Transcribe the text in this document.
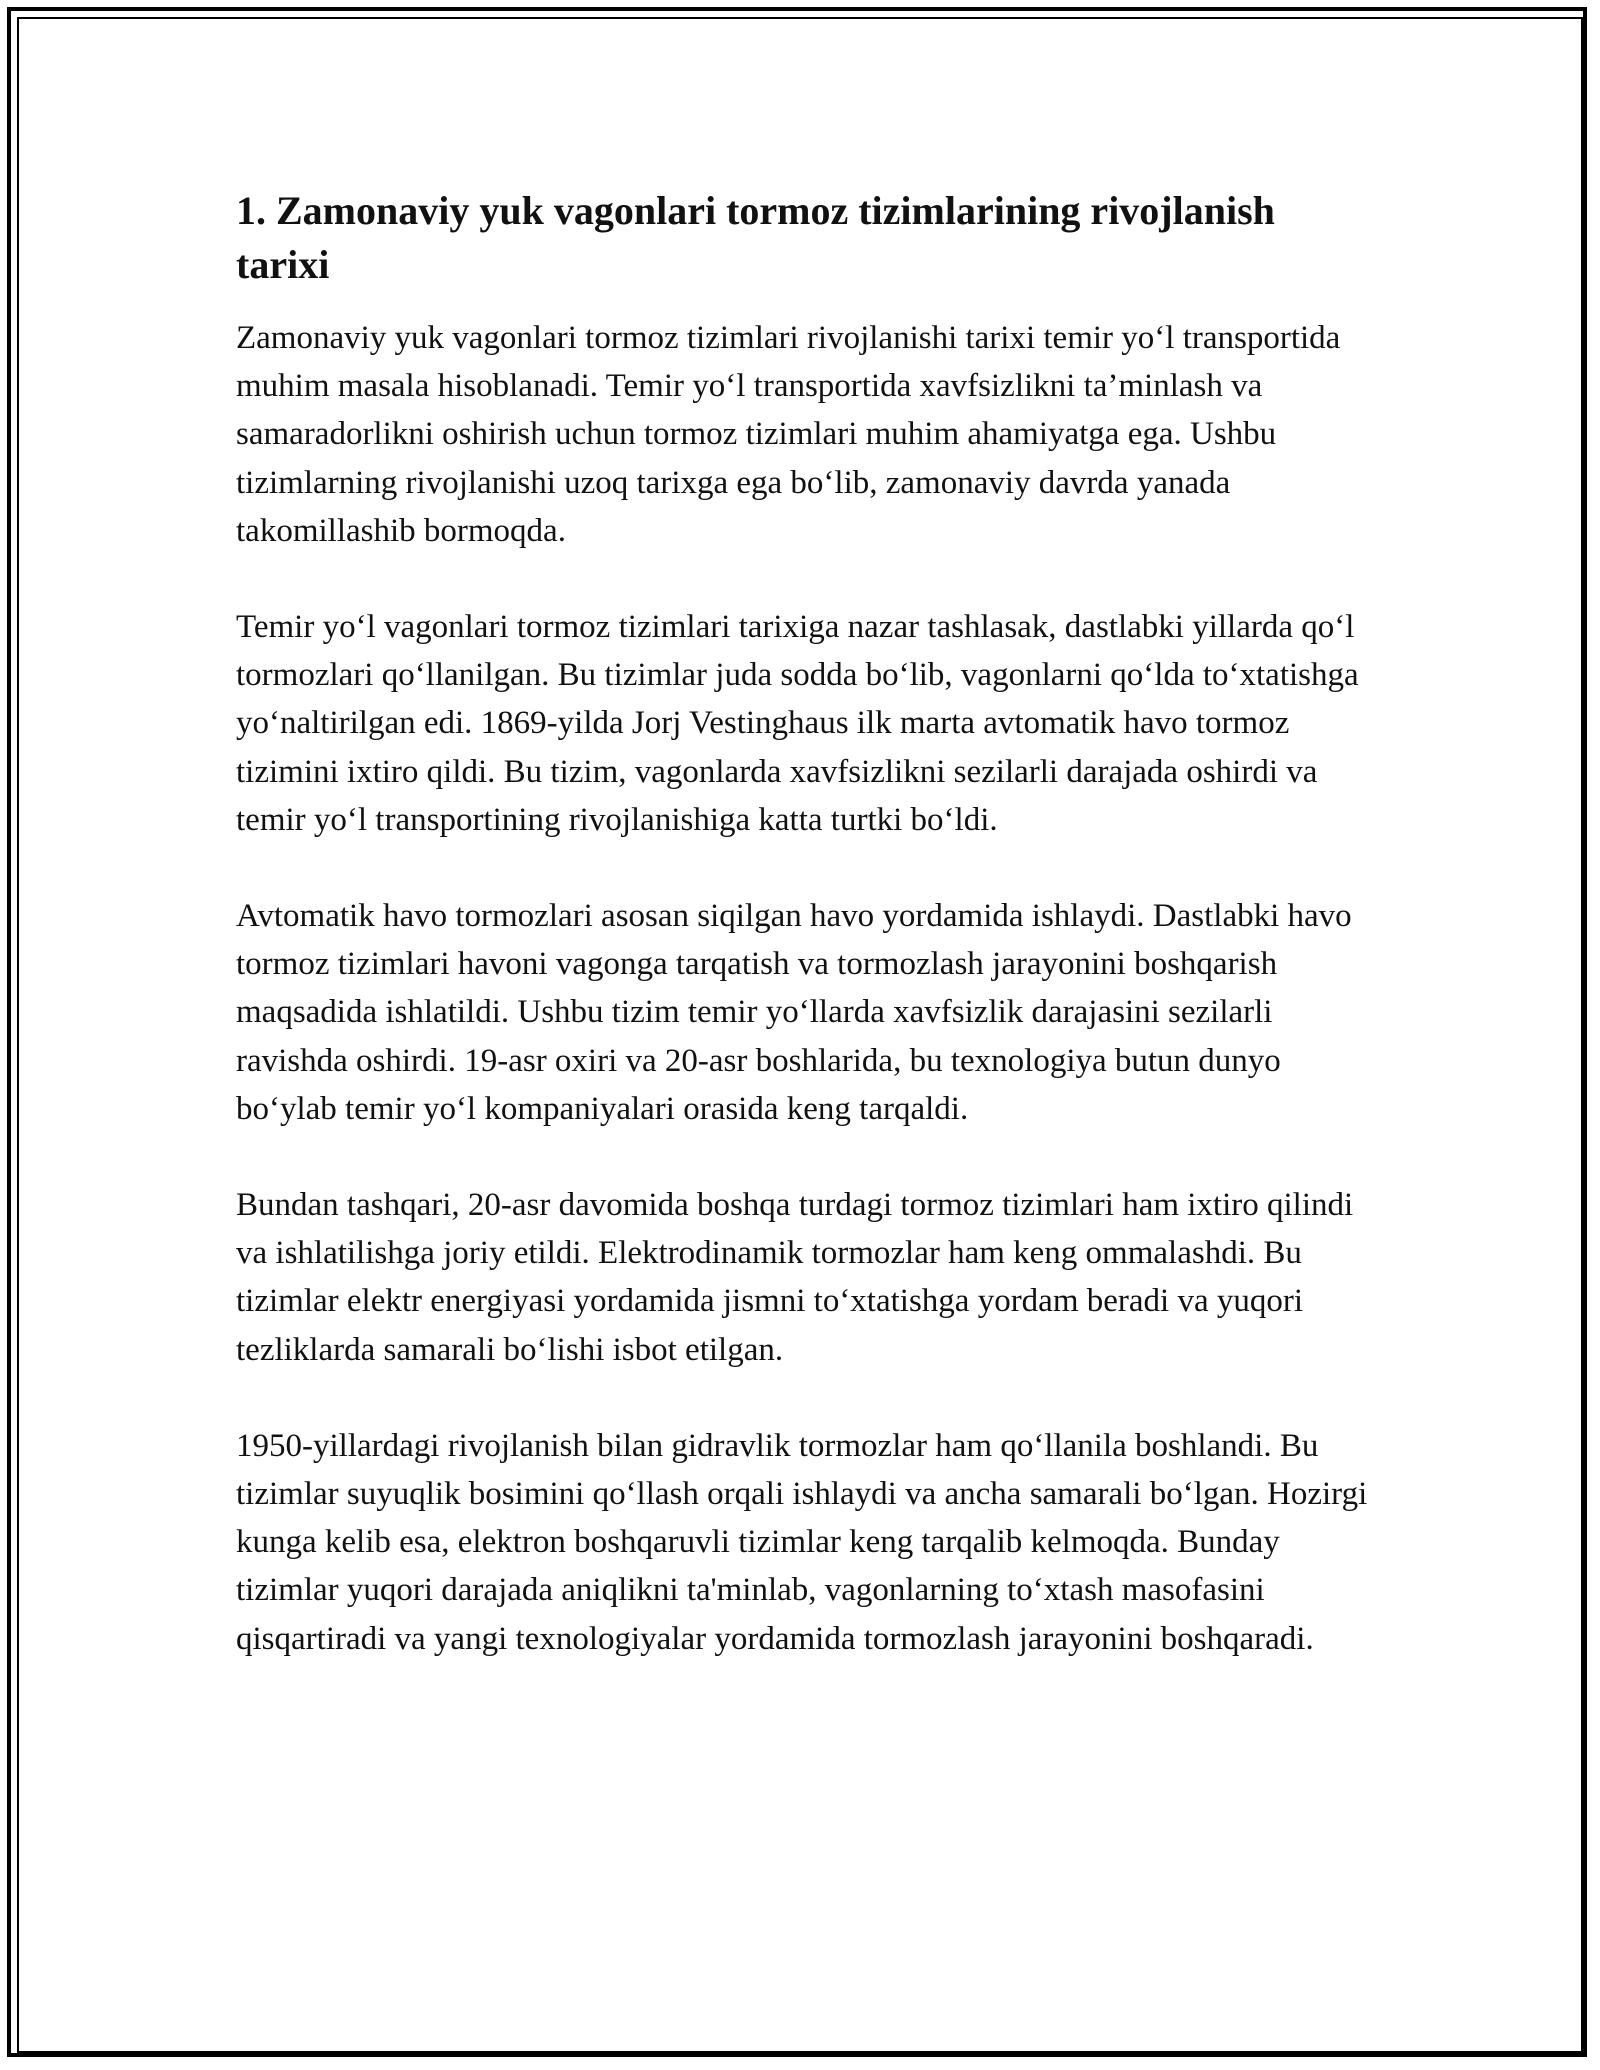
1. Zamonaviy yuk vagonlari tormoz tizimlarining rivojlanish tarixi

Zamonaviy yuk vagonlari tormoz tizimlari rivojlanishi tarixi temir yo‘l transportida muhim masala hisoblanadi. Temir yo‘l transportida xavfsizlikni ta’minlash va samaradorlikni oshirish uchun tormoz tizimlari muhim ahamiyatga ega. Ushbu tizimlarning rivojlanishi uzoq tarixga ega bo‘lib, zamonaviy davrda yanada takomillashib bormoqda.

Temir yo‘l vagonlari tormoz tizimlari tarixiga nazar tashlasak, dastlabki yillarda qo‘l tormozlari qo‘llanilgan. Bu tizimlar juda sodda bo‘lib, vagonlarni qo‘lda to‘xtatishga yo‘naltirilgan edi. 1869-yilda Jorj Vestinghaus ilk marta avtomatik havo tormoz tizimini ixtiro qildi. Bu tizim, vagonlarda xavfsizlikni sezilarli darajada oshirdi va temir yo‘l transportining rivojlanishiga katta turtki bo‘ldi.

Avtomatik havo tormozlari asosan siqilgan havo yordamida ishlaydi. Dastlabki havo tormoz tizimlari havoni vagonga tarqatish va tormozlash jarayonini boshqarish maqsadida ishlatildi. Ushbu tizim temir yo‘llarda xavfsizlik darajasini sezilarli ravishda oshirdi. 19-asr oxiri va 20-asr boshlarida, bu texnologiya butun dunyo bo‘ylab temir yo‘l kompaniyalari orasida keng tarqaldi.

Bundan tashqari, 20-asr davomida boshqa turdagi tormoz tizimlari ham ixtiro qilindi va ishlatilishga joriy etildi. Elektrodinamik tormozlar ham keng ommalashdi. Bu tizimlar elektr energiyasi yordamida jismni to‘xtatishga yordam beradi va yuqori tezliklarda samarali bo‘lishi isbot etilgan.

1950-yillardagi rivojlanish bilan gidravlik tormozlar ham qo‘llanila boshlandi. Bu tizimlar suyuqlik bosimini qo‘llash orqali ishlaydi va ancha samarali bo‘lgan. Hozirgi kunga kelib esa, elektron boshqaruvli tizimlar keng tarqalib kelmoqda. Bunday tizimlar yuqori darajada aniqlikni ta'minlab, vagonlarning to‘xtash masofasini qisqartiradi va yangi texnologiyalar yordamida tormozlash jarayonini boshqaradi.
